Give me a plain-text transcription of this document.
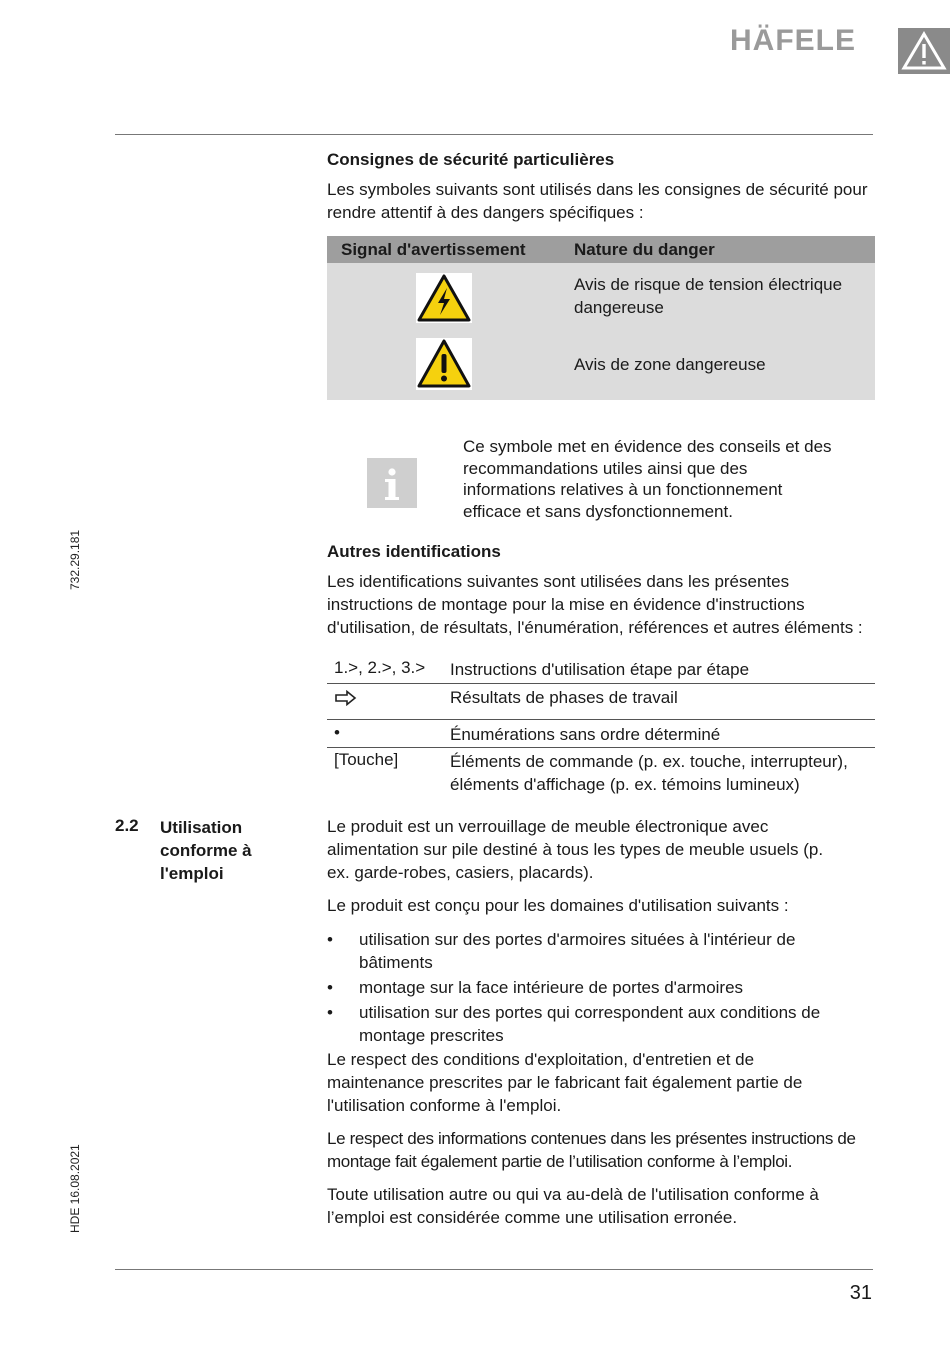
HÄFELE
732.29.181
HDE 16.08.2021

Consignes de sécurité particulières

Les symboles suivants sont utilisés dans les consignes de sécurité pour rendre attentif à des dangers spécifiques :

Signal d'avertissement	Nature du danger

Avis de risque de tension électrique dangereuse

Avis de zone dangereuse

Ce symbole met en évidence des conseils et des recommandations utiles ainsi que des informations relatives à un fonctionnement efficace et sans dysfonctionnement.

Autres identifications

Les identifications suivantes sont utilisées dans les présentes instructions de montage pour la mise en évidence d'instructions d'utilisation, de résultats, l'énumération, références et autres éléments :

1.>, 2.>, 3.> Instructions d'utilisation étape par étape
Résultats de phases de travail
•	Énumérations sans ordre déterminé
[Touche]	Éléments de commande (p. ex. touche, interrupteur), éléments d'affichage (p. ex. témoins lumineux)

2.2 Utilisation conforme à l'emploi

Le produit est un verrouillage de meuble électronique avec alimentation sur pile destiné à tous les types de meuble usuels (p. ex. garde-robes, casiers, placards).

Le produit est conçu pour les domaines d'utilisation suivants :

• utilisation sur des portes d'armoires situées à l'intérieur de bâtiments
• montage sur la face intérieure de portes d'armoires
• utilisation sur des portes qui correspondent aux conditions de montage prescrites

Le respect des conditions d'exploitation, d'entretien et de maintenance prescrites par le fabricant fait également partie de l'utilisation conforme à l'emploi.

Le respect des informations contenues dans les présentes instructions de montage fait également partie de l’utilisation conforme à l’emploi.

Toute utilisation autre ou qui va au-delà de l'utilisation conforme à l’emploi est considérée comme une utilisation erronée.

31
